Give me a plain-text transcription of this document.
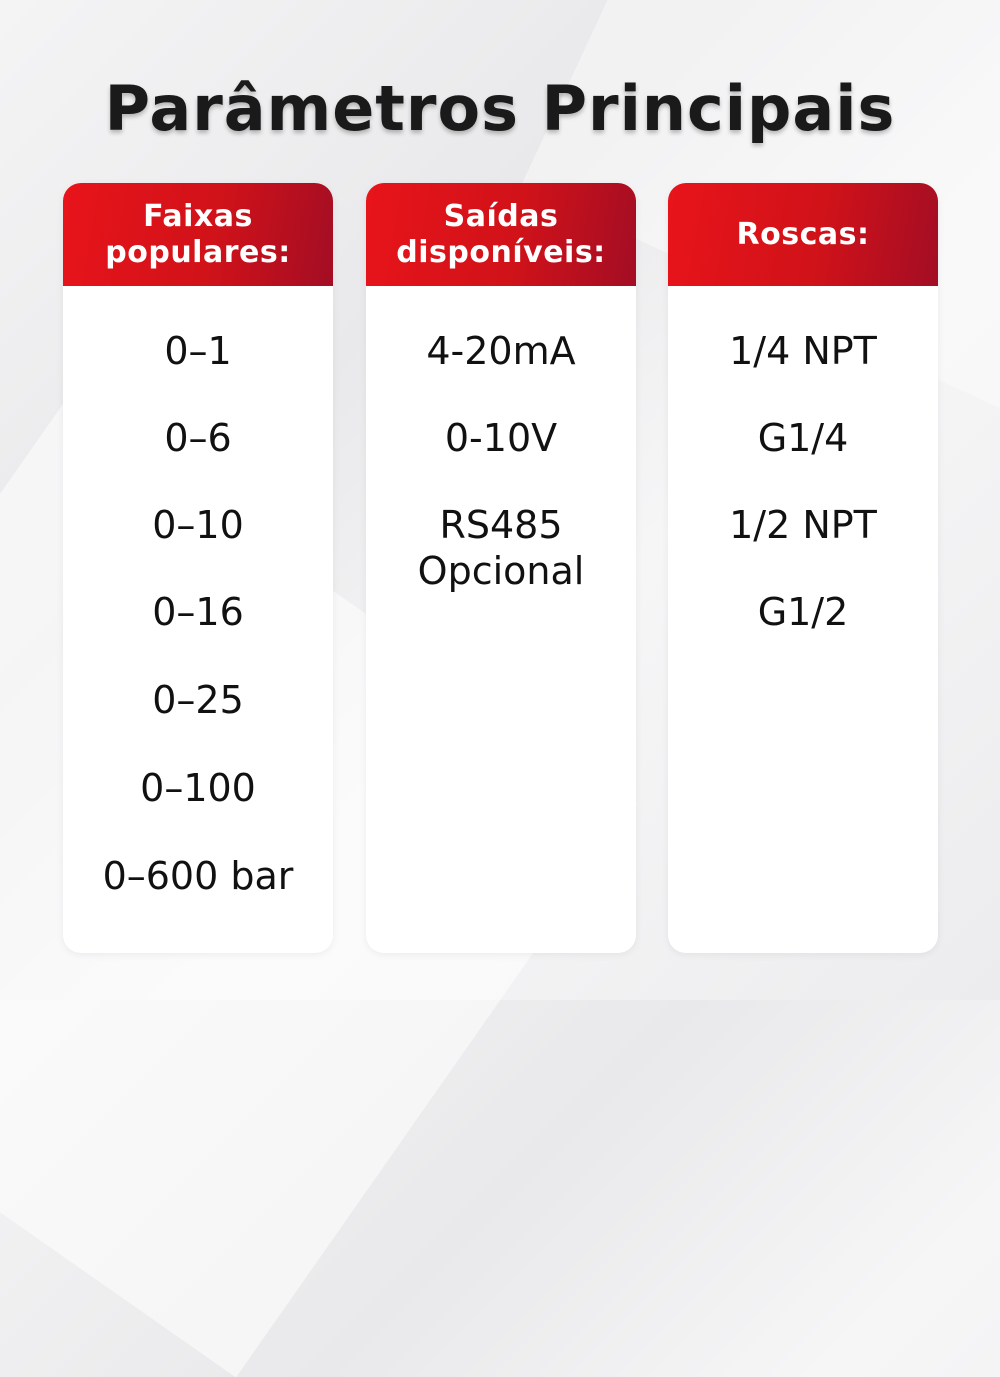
Parâmetros Principais
Faixas
populares:
0–1
0–6
0–10
0–16
0–25
0–100
0–600 bar
Saídas
disponíveis:
4-20mA
0-10V
RS485
Opcional
Roscas:
1/4 NPT
G1/4
1/2 NPT
G1/2
